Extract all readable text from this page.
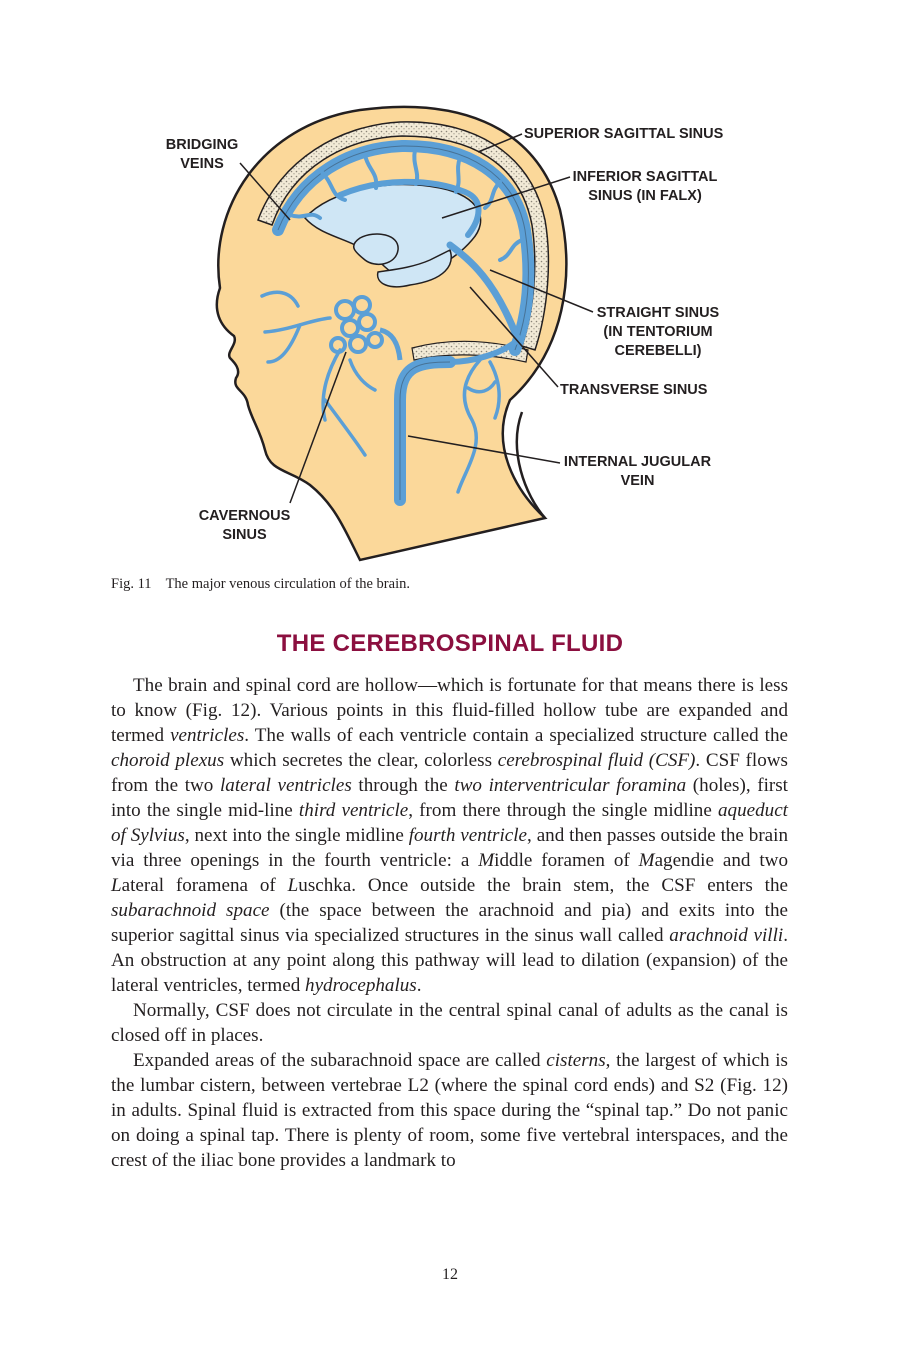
BRIDGING
VEINS
SUPERIOR SAGITTAL SINUS
INFERIOR SAGITTAL
SINUS (IN FALX)
STRAIGHT SINUS
(IN TENTORIUM
CEREBELLI)
TRANSVERSE SINUS
INTERNAL JUGULAR
VEIN
CAVERNOUS
SINUS
Fig. 11 The major venous circulation of the brain.
THE CEREBROSPINAL FLUID

The brain and spinal cord are hollow—which is fortunate for that means there is less to know (Fig. 12). Various points in this fluid-filled hollow tube are expanded and termed ventricles. The walls of each ventricle contain a specialized structure called the choroid plexus which secretes the clear, colorless cerebrospinal fluid (CSF). CSF flows from the two lateral ventricles through the two interventricular foramina (holes), first into the single mid-line third ventricle, from there through the single midline aqueduct of Sylvius, next into the single midline fourth ventricle, and then passes outside the brain via three openings in the fourth ventricle: a Middle foramen of Magendie and two Lateral foramena of Luschka. Once outside the brain stem, the CSF enters the subarachnoid space (the space between the arachnoid and pia) and exits into the superior sagittal sinus via specialized structures in the sinus wall called arachnoid villi. An obstruction at any point along this pathway will lead to dilation (expansion) of the lateral ventricles, termed hydrocephalus.

Normally, CSF does not circulate in the central spinal canal of adults as the canal is closed off in places.

Expanded areas of the subarachnoid space are called cisterns, the largest of which is the lumbar cistern, between vertebrae L2 (where the spinal cord ends) and S2 (Fig. 12) in adults. Spinal fluid is extracted from this space during the “spinal tap.” Do not panic on doing a spinal tap. There is plenty of room, some five vertebral interspaces, and the crest of the iliac bone provides a landmark to

12
